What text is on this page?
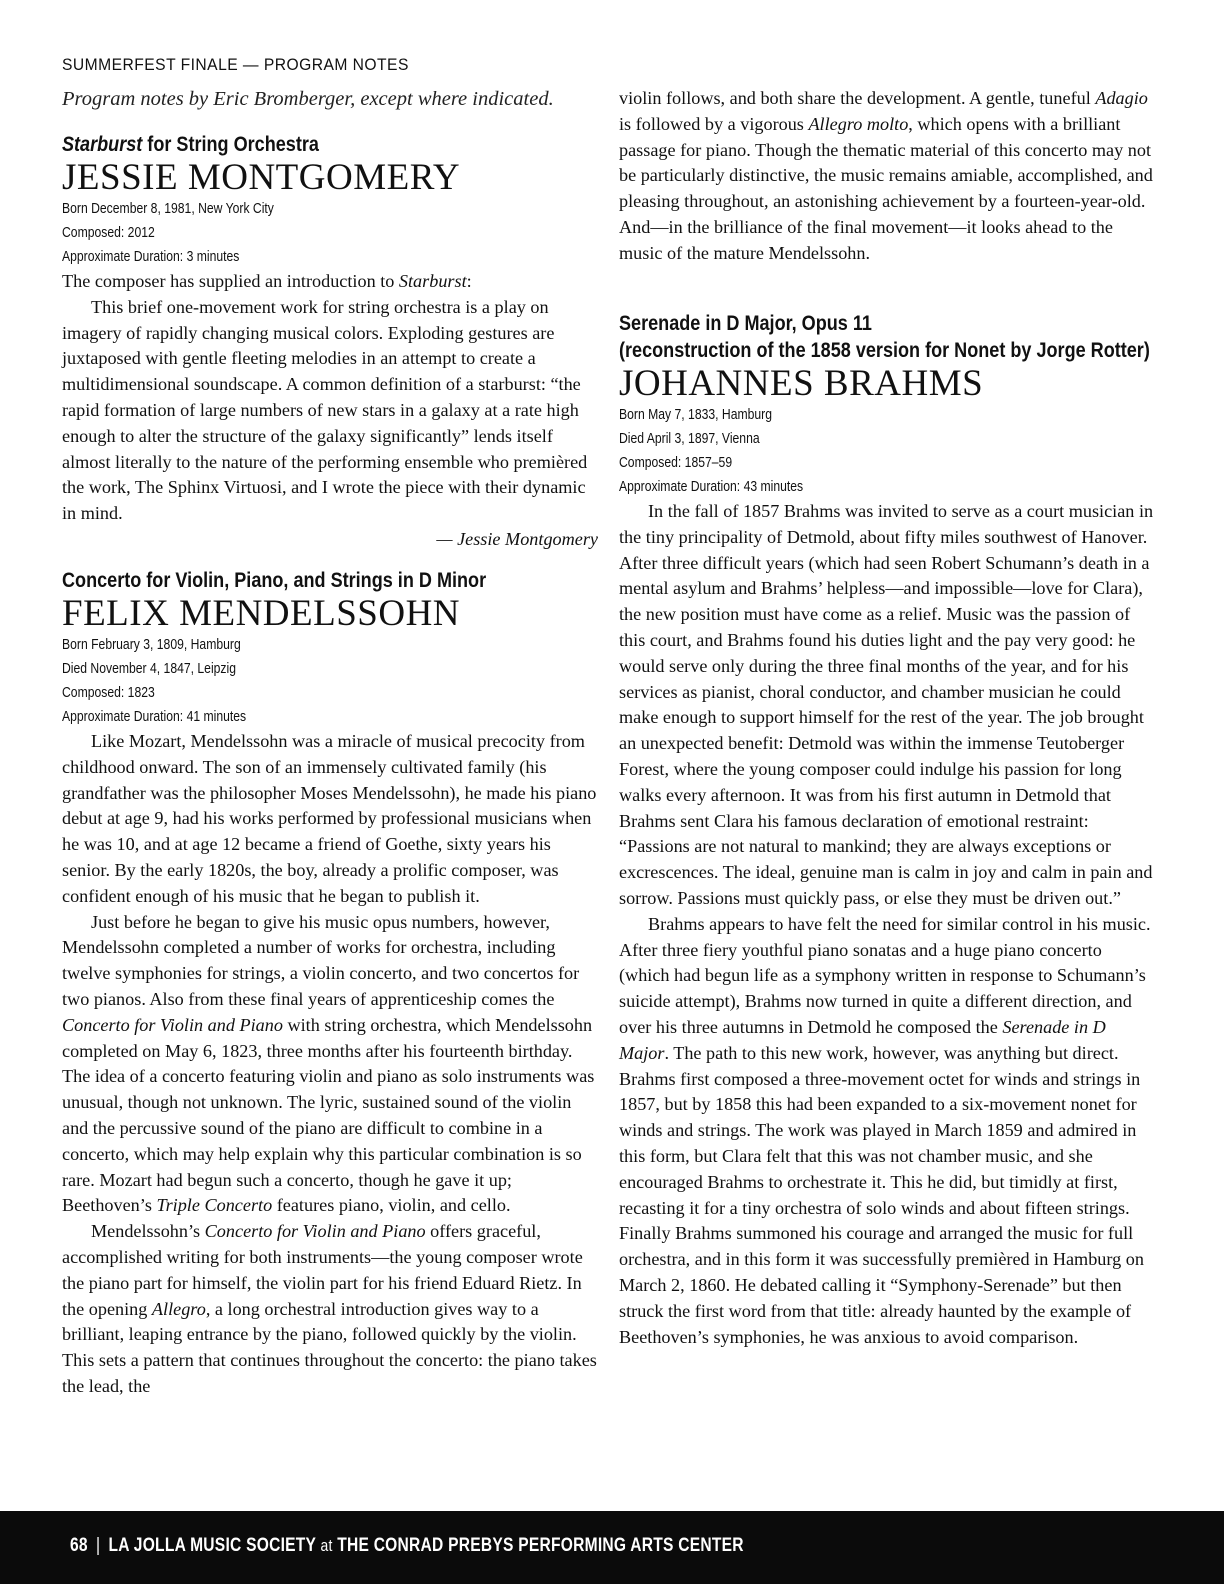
SUMMERFEST FINALE — PROGRAM NOTES
Program notes by Eric Bromberger, except where indicated.
Starburst for String Orchestra
JESSIE MONTGOMERY
Born December 8, 1981, New York City
Composed: 2012
Approximate Duration: 3 minutes

The composer has supplied an introduction to Starburst:

This brief one-movement work for string orchestra is a play on imagery of rapidly changing musical colors. Exploding gestures are juxtaposed with gentle fleeting melodies in an attempt to create a multidimensional soundscape. A common definition of a starburst: “the rapid formation of large numbers of new stars in a galaxy at a rate high enough to alter the structure of the galaxy significantly” lends itself almost literally to the nature of the performing ensemble who premièred the work, The Sphinx Virtuosi, and I wrote the piece with their dynamic in mind.

— Jessie Montgomery
Concerto for Violin, Piano, and Strings in D Minor
FELIX MENDELSSOHN
Born February 3, 1809, Hamburg
Died November 4, 1847, Leipzig
Composed: 1823
Approximate Duration: 41 minutes

Like Mozart, Mendelssohn was a miracle of musical precocity from childhood onward. The son of an immensely cultivated family (his grandfather was the philosopher Moses Mendelssohn), he made his piano debut at age 9, had his works performed by professional musicians when he was 10, and at age 12 became a friend of Goethe, sixty years his senior. By the early 1820s, the boy, already a prolific composer, was confident enough of his music that he began to publish it.

Just before he began to give his music opus numbers, however, Mendelssohn completed a number of works for orchestra, including twelve symphonies for strings, a violin concerto, and two concertos for two pianos. Also from these final years of apprenticeship comes the Concerto for Violin and Piano with string orchestra, which Mendelssohn completed on May 6, 1823, three months after his fourteenth birthday. The idea of a concerto featuring violin and piano as solo instruments was unusual, though not unknown. The lyric, sustained sound of the violin and the percussive sound of the piano are difficult to combine in a concerto, which may help explain why this particular combination is so rare. Mozart had begun such a concerto, though he gave it up; Beethoven’s Triple Concerto features piano, violin, and cello.

Mendelssohn’s Concerto for Violin and Piano offers graceful, accomplished writing for both instruments—the young composer wrote the piano part for himself, the violin part for his friend Eduard Rietz. In the opening Allegro, a long orchestral introduction gives way to a brilliant, leaping entrance by the piano, followed quickly by the violin. This sets a pattern that continues throughout the concerto: the piano takes the lead, the

violin follows, and both share the development. A gentle, tuneful Adagio is followed by a vigorous Allegro molto, which opens with a brilliant passage for piano. Though the thematic material of this concerto may not be particularly distinctive, the music remains amiable, accomplished, and pleasing throughout, an astonishing achievement by a fourteen-year-old. And—in the brilliance of the final movement—it looks ahead to the music of the mature Mendelssohn.

Serenade in D Major, Opus 11
(reconstruction of the 1858 version for Nonet by Jorge Rotter)
JOHANNES BRAHMS
Born May 7, 1833, Hamburg
Died April 3, 1897, Vienna
Composed: 1857–59
Approximate Duration: 43 minutes

In the fall of 1857 Brahms was invited to serve as a court musician in the tiny principality of Detmold, about fifty miles southwest of Hanover. After three difficult years (which had seen Robert Schumann’s death in a mental asylum and Brahms’ helpless—and impossible—love for Clara), the new position must have come as a relief. Music was the passion of this court, and Brahms found his duties light and the pay very good: he would serve only during the three final months of the year, and for his services as pianist, choral conductor, and chamber musician he could make enough to support himself for the rest of the year. The job brought an unexpected benefit: Detmold was within the immense Teutoberger Forest, where the young composer could indulge his passion for long walks every afternoon. It was from his first autumn in Detmold that Brahms sent Clara his famous declaration of emotional restraint: “Passions are not natural to mankind; they are always exceptions or excrescences. The ideal, genuine man is calm in joy and calm in pain and sorrow. Passions must quickly pass, or else they must be driven out.”

Brahms appears to have felt the need for similar control in his music. After three fiery youthful piano sonatas and a huge piano concerto (which had begun life as a symphony written in response to Schumann’s suicide attempt), Brahms now turned in quite a different direction, and over his three autumns in Detmold he composed the Serenade in D Major. The path to this new work, however, was anything but direct. Brahms first composed a three-movement octet for winds and strings in 1857, but by 1858 this had been expanded to a six-movement nonet for winds and strings. The work was played in March 1859 and admired in this form, but Clara felt that this was not chamber music, and she encouraged Brahms to orchestrate it. This he did, but timidly at first, recasting it for a tiny orchestra of solo winds and about fifteen strings. Finally Brahms summoned his courage and arranged the music for full orchestra, and in this form it was successfully premièred in Hamburg on March 2, 1860. He debated calling it “Symphony-Serenade” but then struck the first word from that title: already haunted by the example of Beethoven’s symphonies, he was anxious to avoid comparison.

68 | LA JOLLA MUSIC SOCIETY at THE CONRAD PREBYS PERFORMING ARTS CENTER
